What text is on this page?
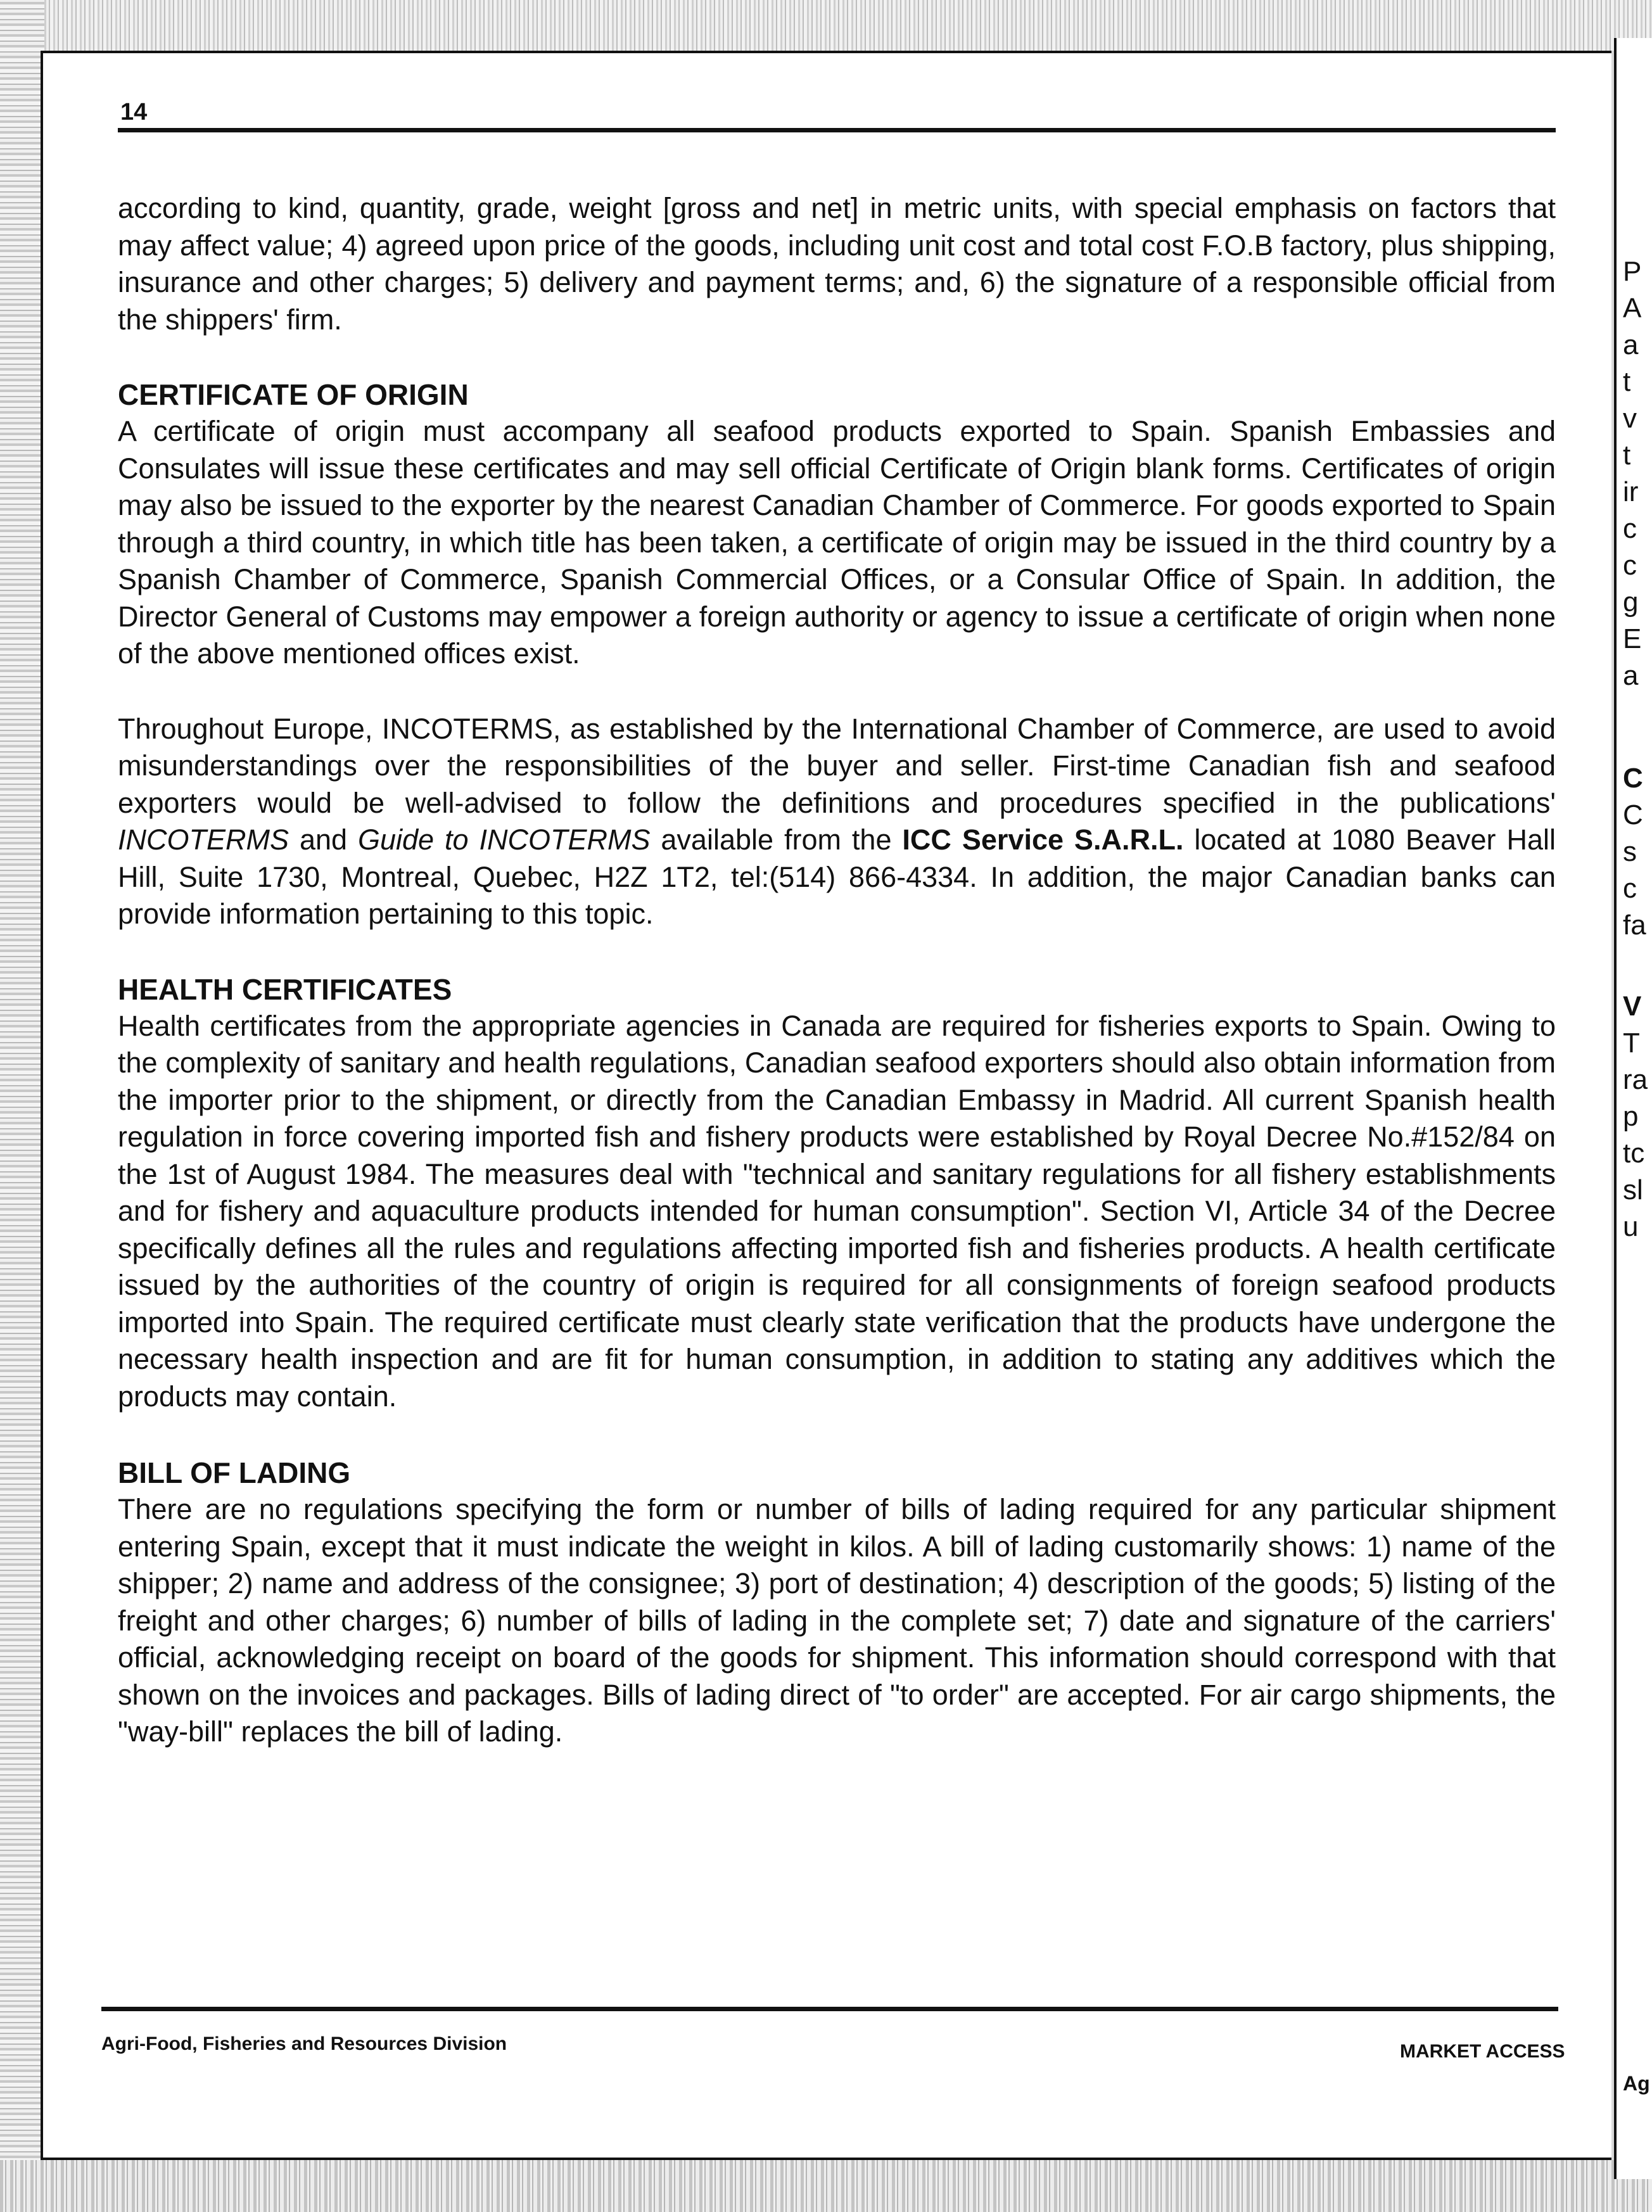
P
A
a
t
v
t
ir
c
c
g
E
a
C
C
s
c
fa
V
T
ra
p
tc
sl
u
Ag
14

according to kind, quantity, grade, weight [gross and net] in metric units, with special emphasis on factors that may affect value; 4) agreed upon price of the goods, including unit cost and total cost F.O.B factory, plus shipping, insurance and other charges; 5) delivery and payment terms; and, 6) the signature of a responsible official from the shippers' firm.

CERTIFICATE OF ORIGIN

A certificate of origin must accompany all seafood products exported to Spain. Spanish Embassies and Consulates will issue these certificates and may sell official Certificate of Origin blank forms. Certificates of origin may also be issued to the exporter by the nearest Canadian Chamber of Commerce. For goods exported to Spain through a third country, in which title has been taken, a certificate of origin may be issued in the third country by a Spanish Chamber of Commerce, Spanish Commercial Offices, or a Consular Office of Spain. In addition, the Director General of Customs may empower a foreign authority or agency to issue a certificate of origin when none of the above mentioned offices exist.

Throughout Europe, INCOTERMS, as established by the International Chamber of Commerce, are used to avoid misunderstandings over the responsibilities of the buyer and seller. First-time Canadian fish and seafood exporters would be well-advised to follow the definitions and procedures specified in the publications' INCOTERMS and Guide to INCOTERMS available from the ICC Service S.A.R.L. located at 1080 Beaver Hall Hill, Suite 1730, Montreal, Quebec, H2Z 1T2, tel:(514) 866-4334. In addition, the major Canadian banks can provide information pertaining to this topic.

HEALTH CERTIFICATES

Health certificates from the appropriate agencies in Canada are required for fisheries exports to Spain. Owing to the complexity of sanitary and health regulations, Canadian seafood exporters should also obtain information from the importer prior to the shipment, or directly from the Canadian Embassy in Madrid. All current Spanish health regulation in force covering imported fish and fishery products were established by Royal Decree No.#152/84 on the 1st of August 1984. The measures deal with "technical and sanitary regulations for all fishery establishments and for fishery and aquaculture products intended for human consumption". Section VI, Article 34 of the Decree specifically defines all the rules and regulations affecting imported fish and fisheries products. A health certificate issued by the authorities of the country of origin is required for all consignments of foreign seafood products imported into Spain. The required certificate must clearly state verification that the products have undergone the necessary health inspection and are fit for human consumption, in addition to stating any additives which the products may contain.

BILL OF LADING

There are no regulations specifying the form or number of bills of lading required for any particular shipment entering Spain, except that it must indicate the weight in kilos. A bill of lading customarily shows: 1) name of the shipper; 2) name and address of the consignee; 3) port of destination; 4) description of the goods; 5) listing of the freight and other charges; 6) number of bills of lading in the complete set; 7) date and signature of the carriers' official, acknowledging receipt on board of the goods for shipment. This information should correspond with that shown on the invoices and packages. Bills of lading direct of "to order" are accepted. For air cargo shipments, the "way-bill" replaces the bill of lading.

Agri-Food, Fisheries and Resources Division	MARKET ACCESS
